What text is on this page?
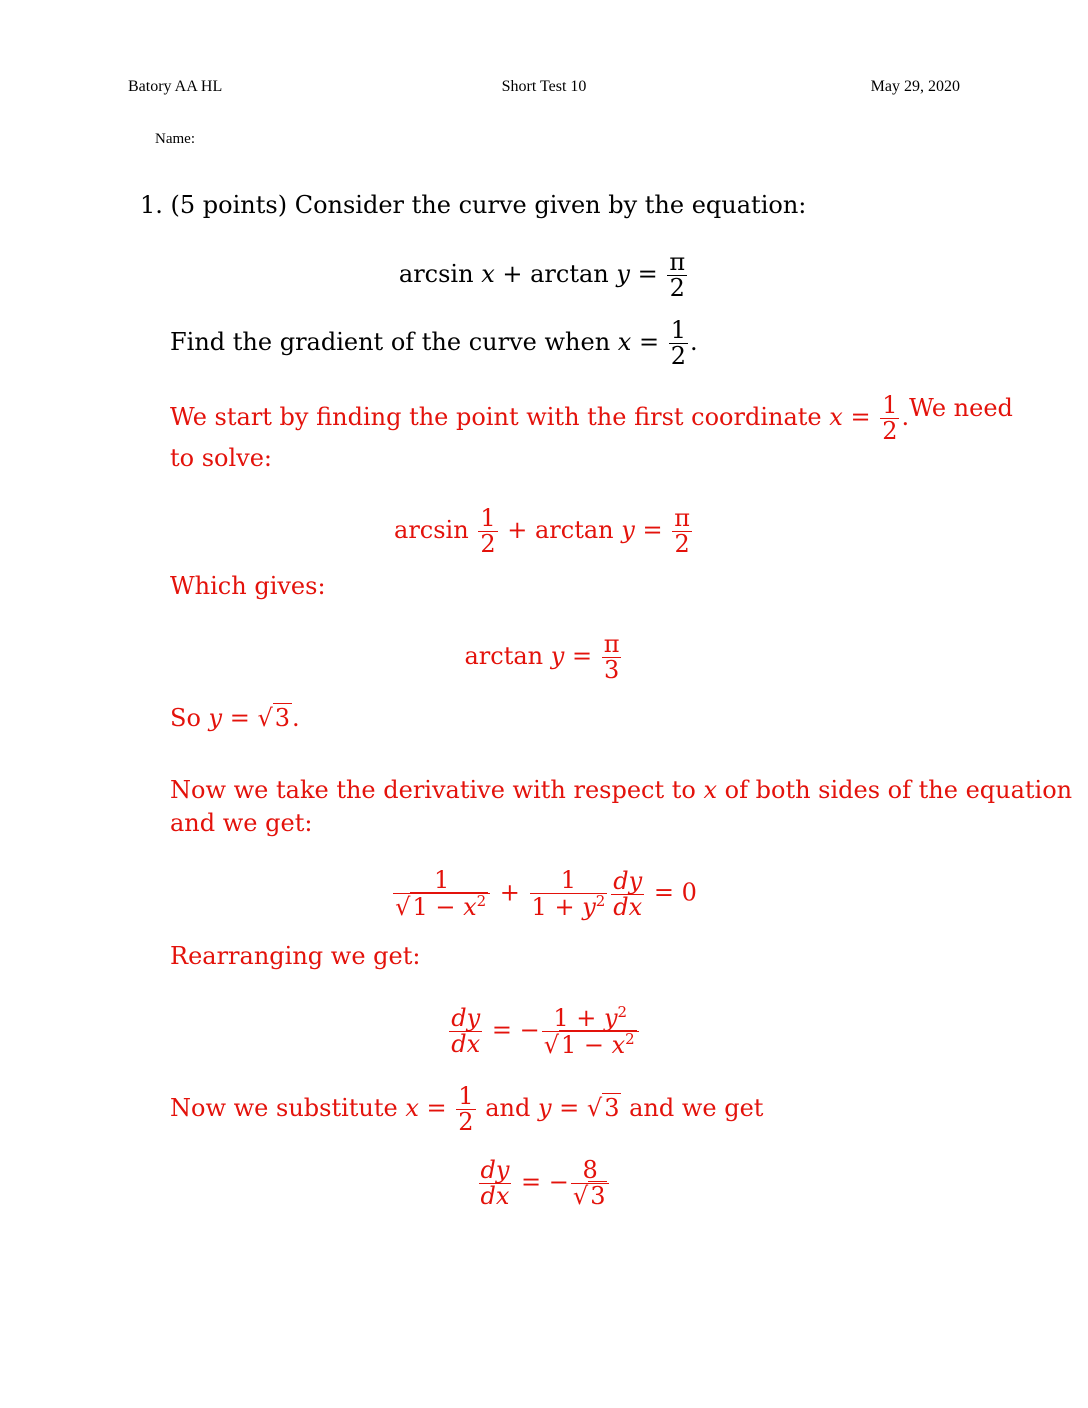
Batory AA HL	Short Test 10	May 29, 2020
Name:
1. (5 points) Consider the curve given by the equation:
$\arcsin x + \arctan y = \frac{\pi}{2}$
Find the gradient of the curve when $x = \frac{1}{2}$ .
We start by finding the point with the first coordinate $x = \frac{1}{2}$ . We need
to solve:
$\arcsin \frac{1}{2} + \arctan y = \frac{\pi}{2}$
Which gives:
$\arctan y = \frac{\pi}{3}$
So y = √3.
Now we take the derivative with respect to x of both sides of the equation
and we get:
$\frac{1}{√1 - x^2} + \frac{1}{1 + y^2} \frac{dy}{dx} = 0$
Rearranging we get:
$\frac{dy}{dx}$ = − $\frac{1 + y^2}{√1 - x^2}$
Now we substitute $x = \frac{1}{2}$ and y = √3 and we get
$\frac{dy}{dx}$ = − $\frac{8}{√3}$
